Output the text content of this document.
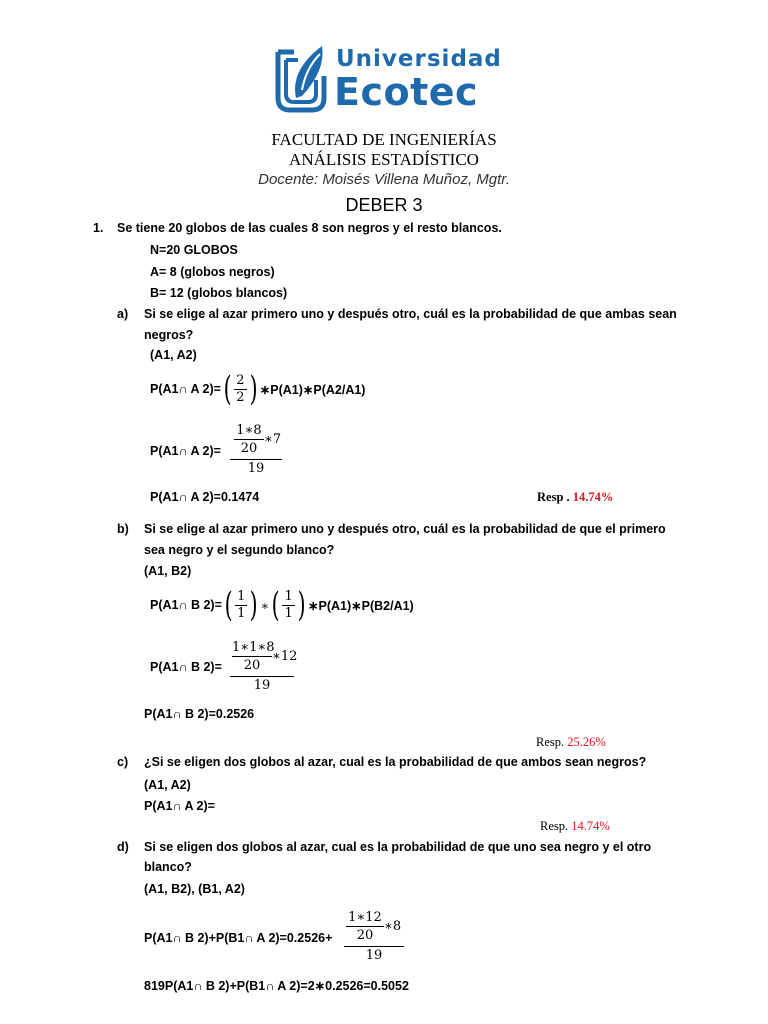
Universidad
Ecotec
FACULTAD DE INGENIERÍAS
ANÁLISIS ESTADÍSTICO
Docente: Moisés Villena Muñoz, Mgtr.
DEBER 3
1. Se tiene 20 globos de las cuales 8 son negros y el resto blancos.
N=20 GLOBOS
A= 8 (globos negros)
B= 12 (globos blancos)
a) Si se elige al azar primero uno y después otro, cuál es la probabilidad de que ambas sean
negros?
(A1, A2)
P(A1∩ A 2)= ( $\frac{2}{2}$ ) ∗P(A1)∗P(A2/A1)
P(A1∩ A 2)=
1∗8
20
∗7
19
P(A1∩ A 2)=0.1474	Resp . 14.74%
b) Si se elige al azar primero uno y después otro, cuál es la probabilidad de que el primero
sea negro y el segundo blanco?
(A1, B2)
P(A1∩ B 2)= ( $\frac{1}{1}$ ) ∗ ( $\frac{1}{1}$ ) ∗P(A1)∗P(B2/A1)
P(A1∩ B 2)=
1∗1∗8
20
∗12
19
P(A1∩ B 2)=0.2526
Resp. 25.26%
c) ¿Si se eligen dos globos al azar, cual es la probabilidad de que ambos sean negros?
(A1, A2)
P(A1∩ A 2)=
Resp. 14.74%
d) Si se eligen dos globos al azar, cual es la probabilidad de que uno sea negro y el otro
blanco?
(A1, B2), (B1, A2)
P(A1∩ B 2)+P(B1∩ A 2)=0.2526+
1∗12
20
∗8
19
819P(A1∩ B 2)+P(B1∩ A 2)=2∗0.2526=0.5052
